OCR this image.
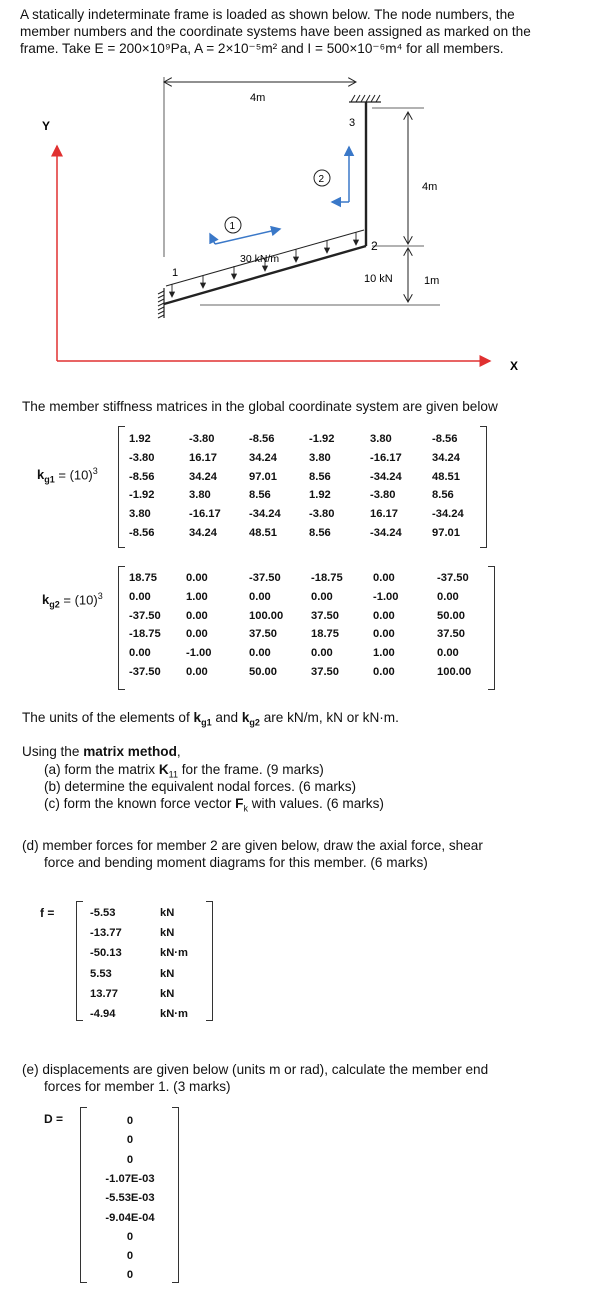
A statically indeterminate frame is loaded as shown below. The node numbers, the
member numbers and the coordinate systems have been assigned as marked on the
frame. Take E = 200×10⁹Pa, A = 2×10⁻⁵m² and I = 500×10⁻⁶m⁴ for all members.
Y
X
4m
3
2
4m
1m
30 kN/m
1
1
2
10 kN
The member stiffness matrices in the global coordinate system are given below
$k_{g1} = (10)^3$
1.92	-3.80	-8.56	-1.92	3.80	-8.56
-3.80	16.17	34.24	3.80	-16.17	34.24
-8.56	34.24	97.01	8.56	-34.24	48.51
-1.92	3.80	8.56	1.92	-3.80	8.56
3.80	-16.17	-34.24	-3.80	16.17	-34.24
-8.56	34.24	48.51	8.56	-34.24	97.01
$k_{g2} = (10)^3$
18.75	0.00	-37.50	-18.75	0.00	-37.50
0.00	1.00	0.00	0.00	-1.00	0.00
-37.50 0.00	100.00 37.50	0.00	50.00
-18.75 0.00	37.50	18.75	0.00	37.50
0.00	-1.00	0.00	0.00	1.00	0.00
-37.50 0.00	50.00	37.50	0.00	100.00
The units of the elements of $k_{g1}$ and $k_{g2}$ are kN/m, kN or kN·m.
Using the matrix method,
(a) form the matrix $K_{11}$ for the frame. (9 marks)
(b) determine the equivalent nodal forces. (6 marks)
(c) form the known force vector $F_k$ with values. (6 marks)
(d) member forces for member 2 are given below, draw the axial force, shear
force and bending moment diagrams for this member. (6 marks)
f =	-5.53	kN
-13.77	kN
-50.13	kN·m
5.53	kN
13.77	kN
-4.94	kN·m
(e) displacements are given below (units m or rad), calculate the member end
forces for member 1. (3 marks)
D =	0
0
0
-1.07E-03
-5.53E-03
-9.04E-04
0
0
0
